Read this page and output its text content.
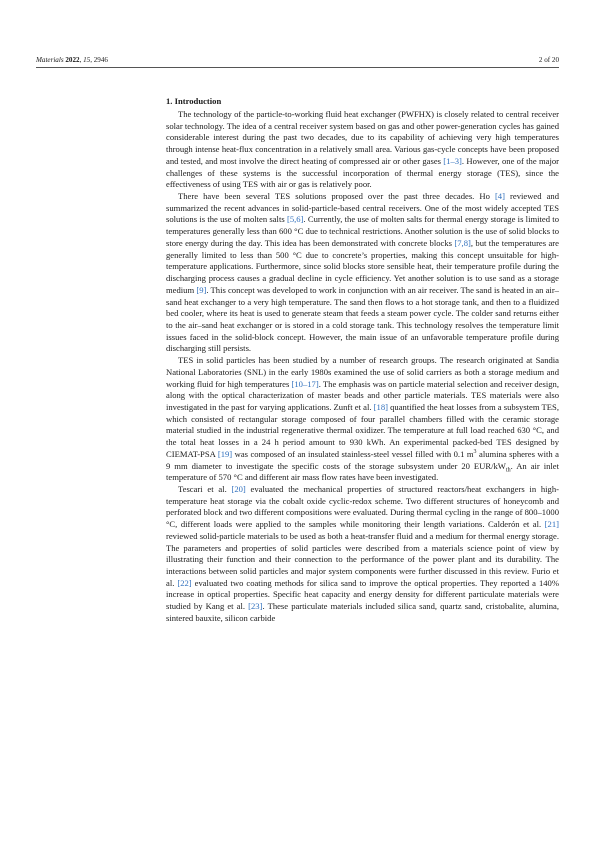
Materials 2022, 15, 2946	2 of 20
1. Introduction

The technology of the particle-to-working fluid heat exchanger (PWFHX) is closely related to central receiver solar technology. The idea of a central receiver system based on gas and other power-generation cycles has gained considerable interest during the past two decades, due to its capability of achieving very high temperatures through intense heat-flux concentration in a relatively small area. Various gas-cycle concepts have been proposed and tested, and most involve the direct heating of compressed air or other gases [1–3]. However, one of the major challenges of these systems is the successful incorporation of thermal energy storage (TES), since the effectiveness of using TES with air or gas is relatively poor.

There have been several TES solutions proposed over the past three decades. Ho [4] reviewed and summarized the recent advances in solid-particle-based central receivers. One of the most widely accepted TES solutions is the use of molten salts [5,6]. Currently, the use of molten salts for thermal energy storage is limited to temperatures generally less than 600 °C due to technical restrictions. Another solution is the use of solid blocks to store energy during the day. This idea has been demonstrated with concrete blocks [7,8], but the temperatures are generally limited to less than 500 °C due to concrete’s properties, making this concept unsuitable for high-temperature applications. Furthermore, since solid blocks store sensible heat, their temperature profile during the discharging process causes a gradual decline in cycle efficiency. Yet another solution is to use sand as a storage medium [9]. This concept was developed to work in conjunction with an air receiver. The sand is heated in an air–sand heat exchanger to a very high temperature. The sand then flows to a hot storage tank, and then to a fluidized bed cooler, where its heat is used to generate steam that feeds a steam power cycle. The colder sand returns either to the air–sand heat exchanger or is stored in a cold storage tank. This technology resolves the temperature limit issues faced in the solid-block concept. However, the main issue of an unfavorable temperature profile during discharging still persists.

TES in solid particles has been studied by a number of research groups. The research originated at Sandia National Laboratories (SNL) in the early 1980s examined the use of solid carriers as both a storage medium and working fluid for high temperatures [10–17]. The emphasis was on particle material selection and receiver design, along with the optical characterization of master beads and other particle materials. TES materials were also investigated in the past for varying applications. Zunft et al. [18] quantified the heat losses from a subsystem TES, which consisted of rectangular storage composed of four parallel chambers filled with the ceramic storage material studied in the industrial regenerative thermal oxidizer. The temperature at full load reached 630 °C, and the total heat losses in a 24 h period amount to 930 kWh. An experimental packed-bed TES designed by CIEMAT-PSA [19] was composed of an insulated stainless-steel vessel filled with 0.1 $m^3$ alumina spheres with a 9 mm diameter to investigate the specific costs of the storage subsystem under 20 EUR/$kW_{th}$. An air inlet temperature of 570 °C and different air mass flow rates have been investigated.

Tescari et al. [20] evaluated the mechanical properties of structured reactors/heat exchangers in high-temperature heat storage via the cobalt oxide cyclic-redox scheme. Two different structures of honeycomb and perforated block and two different compositions were evaluated. During thermal cycling in the range of 800–1000 °C, different loads were applied to the samples while monitoring their length variations. Calderón et al. [21] reviewed solid-particle materials to be used as both a heat-transfer fluid and a medium for thermal energy storage. The parameters and properties of solid particles were described from a materials science point of view by illustrating their function and their connection to the performance of the power plant and its durability. The interactions between solid particles and major system components were further discussed in this review. Furio et al. [22] evaluated two coating methods for silica sand to improve the optical properties. They reported a 140% increase in optical properties. Specific heat capacity and energy density for different particulate materials were studied by Kang et al. [23]. These particulate materials included silica sand, quartz sand, cristobalite, alumina, sintered bauxite, silicon carbide
